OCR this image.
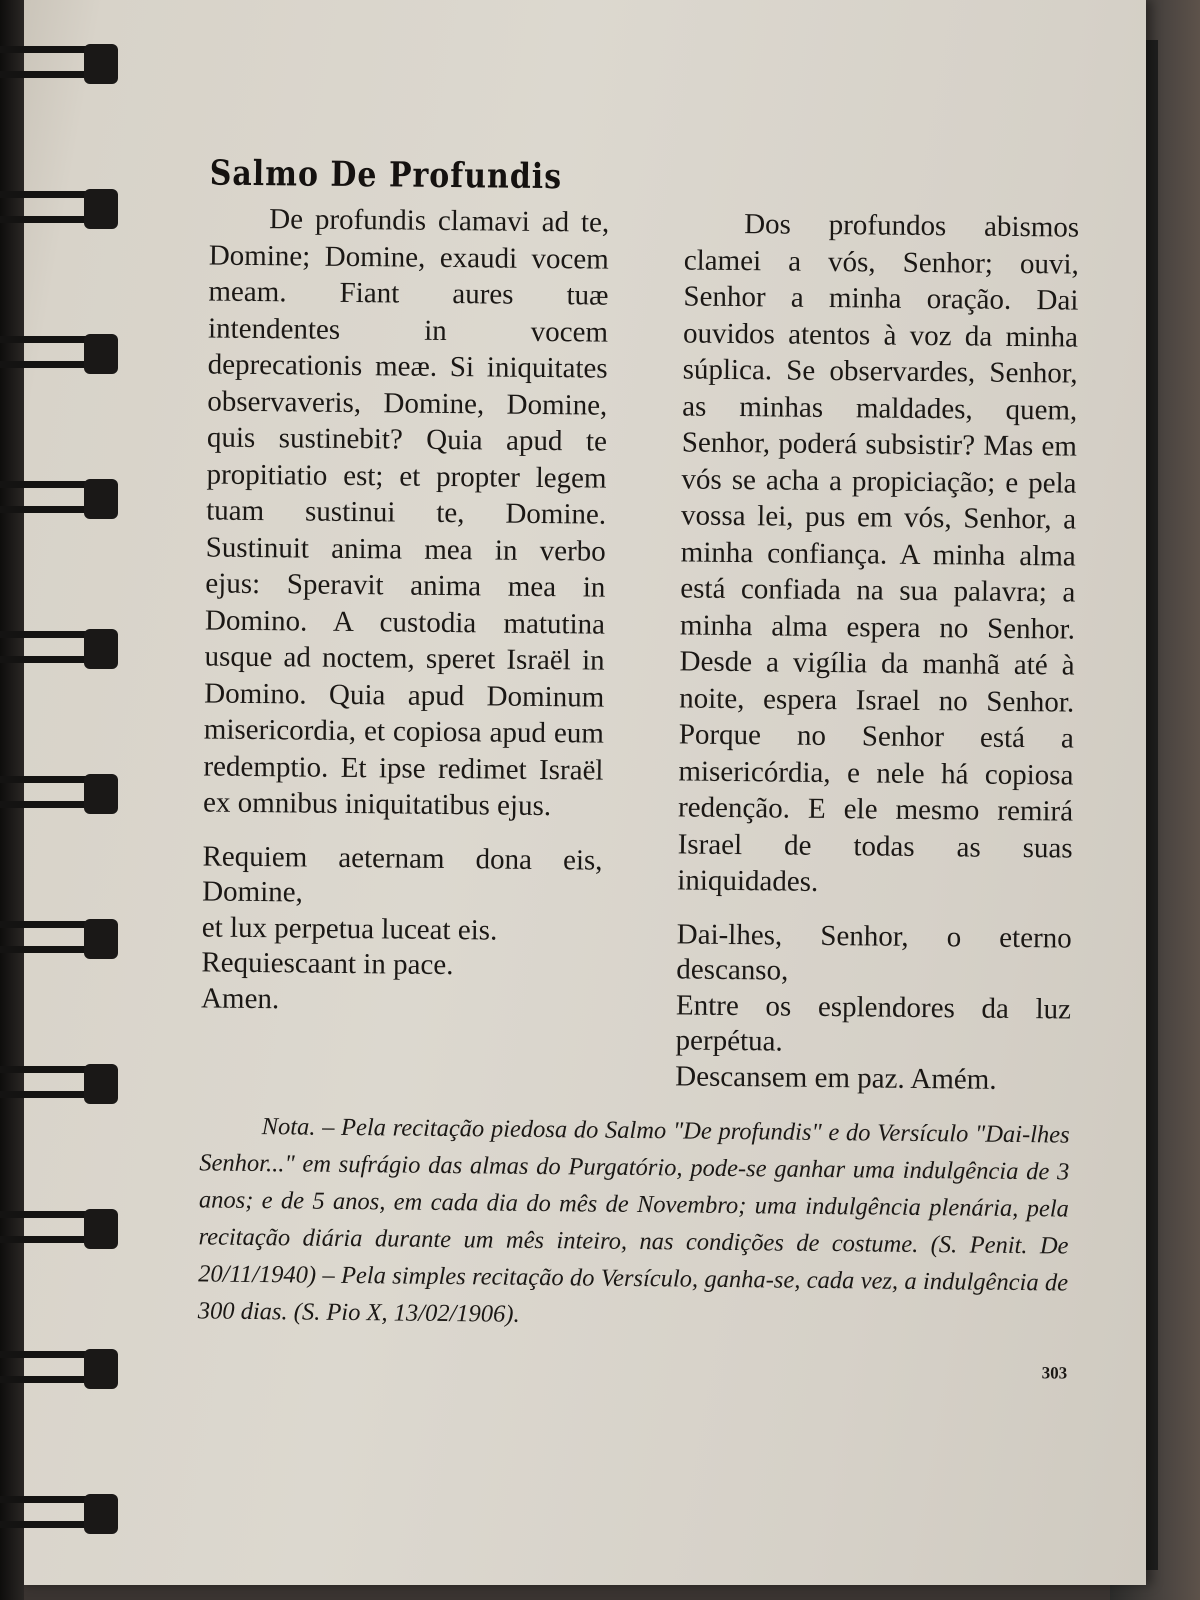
Salmo De Profundis

De profundis clamavi ad te, Domine; Domine, exaudi vocem meam. Fiant aures tuæ intendentes in vocem deprecationis meæ. Si iniquitates observaveris, Domine, Domine, quis sustinebit? Quia apud te propitiatio est; et propter legem tuam sustinui te, Domine. Sustinuit anima mea in verbo ejus: Speravit anima mea in Domino. A custodia matutina usque ad noctem, speret Israël in Domino. Quia apud Dominum misericordia, et copiosa apud eum redemptio. Et ipse redimet Israël ex omnibus iniquitatibus ejus.

Requiem aeternam dona eis, Domine,

et lux perpetua luceat eis.

Requiescaant in pace.

Amen.

Dos profundos abismos clamei a vós, Senhor; ouvi, Senhor a minha oração. Dai ouvidos atentos à voz da minha súplica. Se observardes, Senhor, as minhas maldades, quem, Senhor, poderá subsistir? Mas em vós se acha a propiciação; e pela vossa lei, pus em vós, Senhor, a minha confiança. A minha alma está confiada na sua palavra; a minha alma espera no Senhor. Desde a vigília da manhã até à noite, espera Israel no Senhor. Porque no Senhor está a misericórdia, e nele há copiosa redenção. E ele mesmo remirá Israel de todas as suas iniquidades.

Dai-lhes, Senhor, o eterno descanso,

Entre os esplendores da luz perpétua.

Descansem em paz. Amém.

Nota. – Pela recitação piedosa do Salmo "De profundis" e do Versículo "Dai-lhes Senhor..." em sufrágio das almas do Purgatório, pode-se ganhar uma indulgência de 3 anos; e de 5 anos, em cada dia do mês de Novembro; uma indulgência plenária, pela recitação diária durante um mês inteiro, nas condições de costume. (S. Penit. De 20/11/1940) – Pela simples recitação do Versículo, ganha-se, cada vez, a indulgência de 300 dias. (S. Pio X, 13/02/1906).

303
